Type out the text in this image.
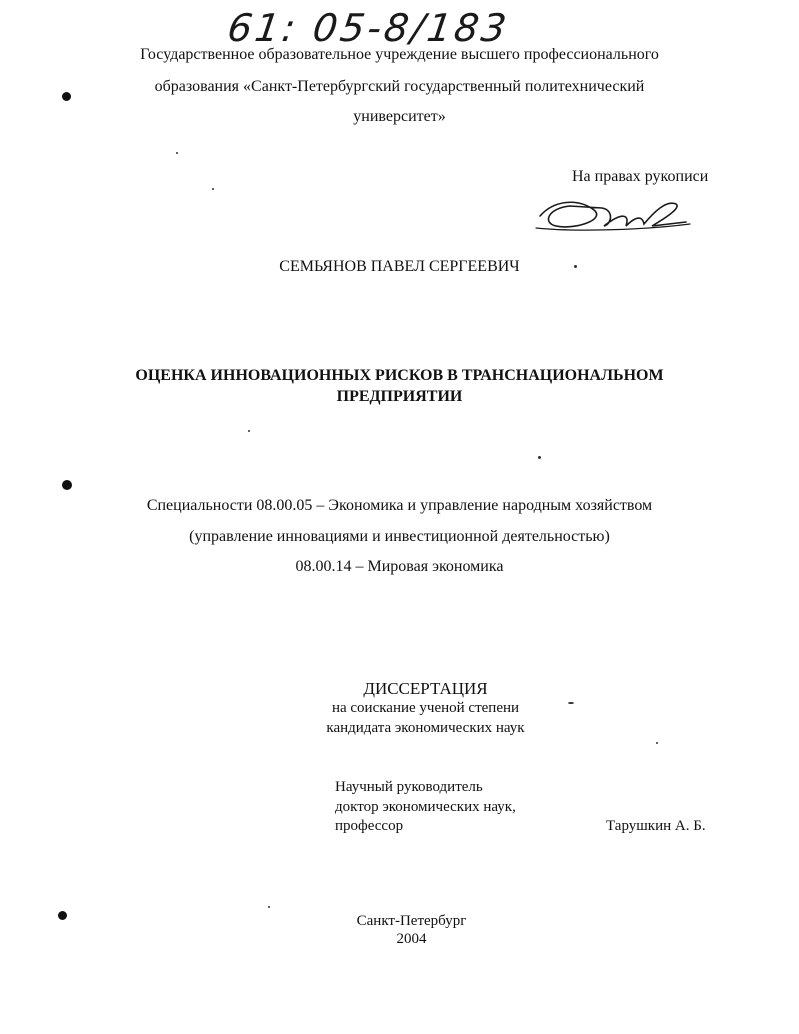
61: 05-8/183
Государственное образовательное учреждение высшего профессионального
образования «Санкт-Петербургский государственный политехнический
университет»
На правах рукописи
СЕМЬЯНОВ ПАВЕЛ СЕРГЕЕВИЧ
ОЦЕНКА ИННОВАЦИОННЫХ РИСКОВ В ТРАНСНАЦИОНАЛЬНОМ
ПРЕДПРИЯТИИ
Специальности 08.00.05 – Экономика и управление народным хозяйством
(управление инновациями и инвестиционной деятельностью)
08.00.14 – Мировая экономика
ДИССЕРТАЦИЯ
на соискание ученой степени
кандидата экономических наук
Научный руководитель
доктор экономических наук,
профессор	Тарушкин А. Б.
Санкт-Петербург
2004
